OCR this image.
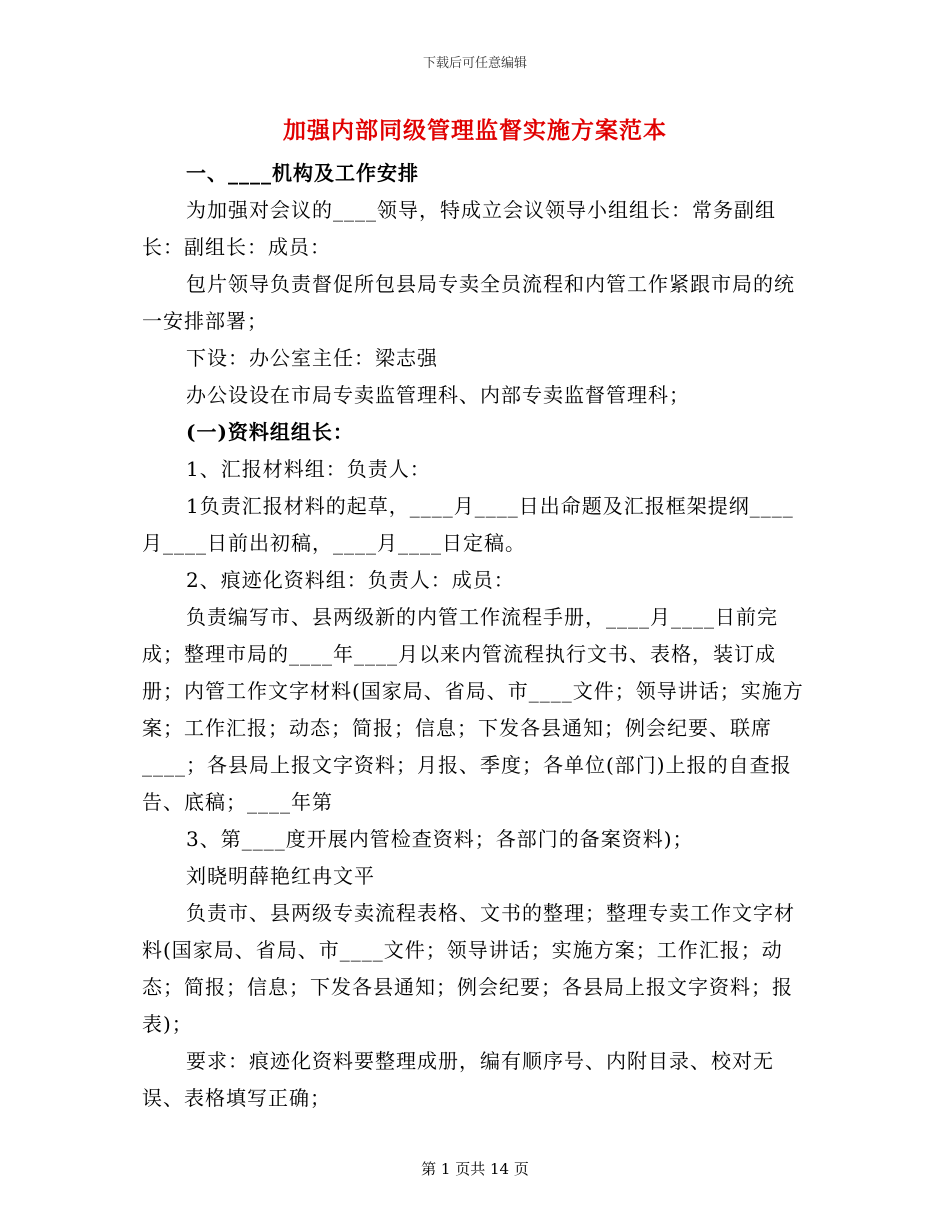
下载后可任意编辑
加强内部同级管理监督实施方案范本

一、____机构及工作安排

为加强对会议的____领导，特成立会议领导小组组长：常务副组长：副组长：成员：

包片领导负责督促所包县局专卖全员流程和内管工作紧跟市局的统一安排部署；

下设：办公室主任：梁志强

办公设设在市局专卖监管理科、内部专卖监督管理科；

(一)资料组组长：

1、汇报材料组：负责人：

1负责汇报材料的起草，____月____日出命题及汇报框架提纲____月____日前出初稿，____月____日定稿。

2、痕迹化资料组：负责人：成员：

负责编写市、县两级新的内管工作流程手册，____月____日前完成；整理市局的____年____月以来内管流程执行文书、表格，装订成册；内管工作文字材料(国家局、省局、市____文件；领导讲话；实施方案；工作汇报；动态；简报；信息；下发各县通知；例会纪要、联席____；各县局上报文字资料；月报、季度；各单位(部门)上报的自查报告、底稿；____年第

3、第____度开展内管检查资料；各部门的备案资料)；

刘晓明薛艳红冉文平

负责市、县两级专卖流程表格、文书的整理；整理专卖工作文字材料(国家局、省局、市____文件；领导讲话；实施方案；工作汇报；动态；简报；信息；下发各县通知；例会纪要；各县局上报文字资料；报表)；

要求：痕迹化资料要整理成册，编有顺序号、内附目录、校对无误、表格填写正确；

第 1 页共 14 页
